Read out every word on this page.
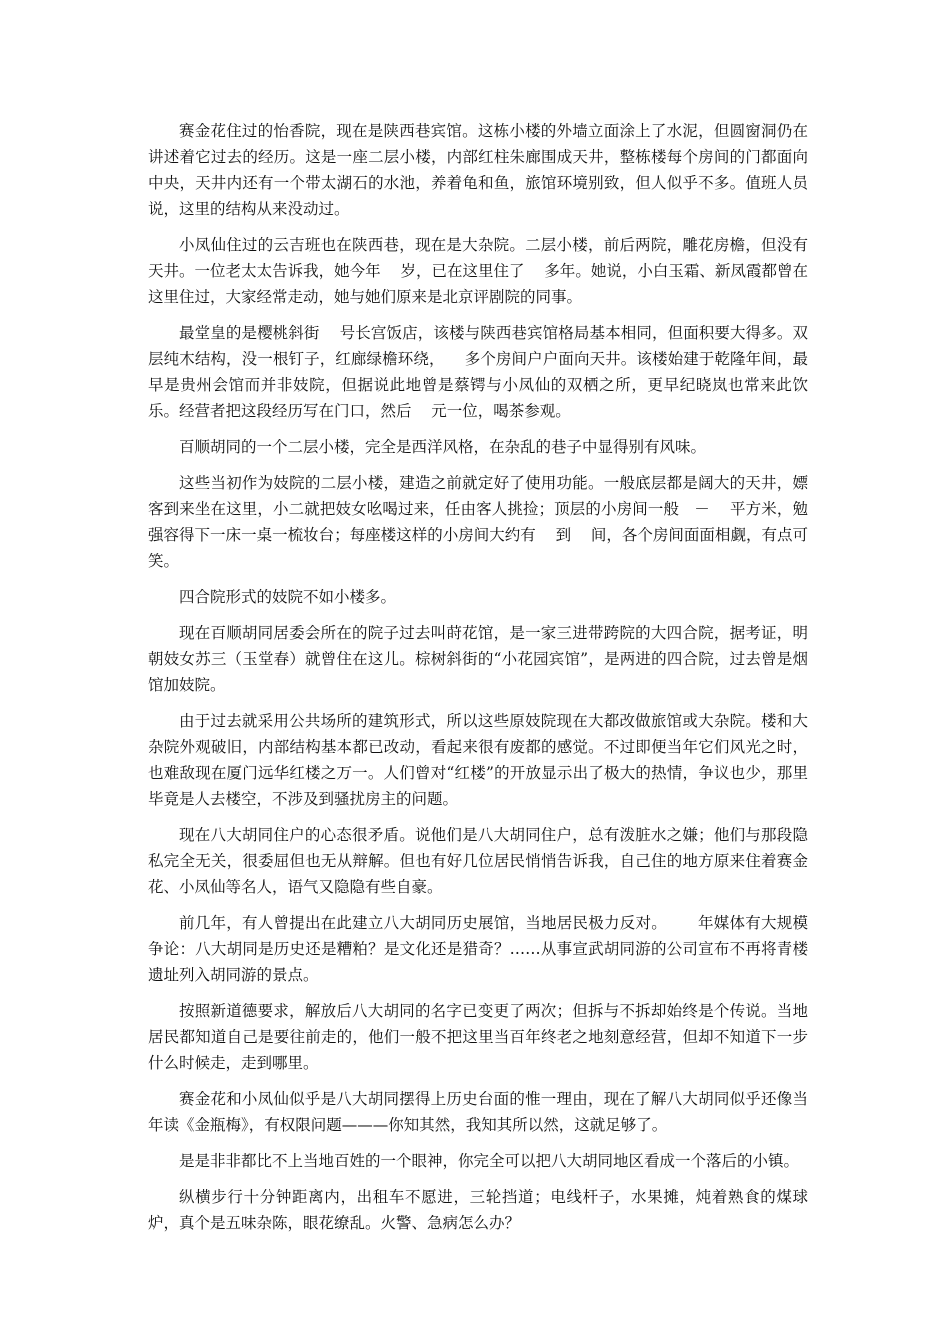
赛金花住过的怡香院，现在是陕西巷宾馆。这栋小楼的外墙立面涂上了水泥，但圆窗洞仍在讲述着它过去的经历。这是一座二层小楼，内部红柱朱廊围成天井，整栋楼每个房间的门都面向中央，天井内还有一个带太湖石的水池，养着龟和鱼，旅馆环境别致，但人似乎不多。值班人员说，这里的结构从来没动过。

小凤仙住过的云吉班也在陕西巷，现在是大杂院。二层小楼，前后两院，雕花房檐，但没有天井。一位老太太告诉我，她今年    岁，已在这里住了    多年。她说，小白玉霜、新凤霞都曾在这里住过，大家经常走动，她与她们原来是北京评剧院的同事。

最堂皇的是樱桃斜街    号长宫饭店，该楼与陕西巷宾馆格局基本相同，但面积要大得多。双层纯木结构，没一根钉子，红廊绿檐环绕，    多个房间户户面向天井。该楼始建于乾隆年间，最早是贵州会馆而并非妓院，但据说此地曾是蔡锷与小凤仙的双栖之所，更早纪晓岚也常来此饮乐。经营者把这段经历写在门口，然后    元一位，喝茶参观。

百顺胡同的一个二层小楼，完全是西洋风格，在杂乱的巷子中显得别有风味。

这些当初作为妓院的二层小楼，建造之前就定好了使用功能。一般底层都是阔大的天井，嫖客到来坐在这里，小二就把妓女吆喝过来，任由客人挑捡；顶层的小房间一般   －    平方米，勉强容得下一床一桌一梳妆台；每座楼这样的小房间大约有    到    间，各个房间面面相觑，有点可笑。

四合院形式的妓院不如小楼多。

现在百顺胡同居委会所在的院子过去叫莳花馆，是一家三进带跨院的大四合院，据考证，明朝妓女苏三（玉堂春）就曾住在这儿。棕树斜街的“小花园宾馆”，是两进的四合院，过去曾是烟馆加妓院。

由于过去就采用公共场所的建筑形式，所以这些原妓院现在大都改做旅馆或大杂院。楼和大杂院外观破旧，内部结构基本都已改动，看起来很有废都的感觉。不过即便当年它们风光之时，也难敌现在厦门远华红楼之万一。人们曾对“红楼”的开放显示出了极大的热情，争议也少，那里毕竟是人去楼空，不涉及到骚扰房主的问题。

现在八大胡同住户的心态很矛盾。说他们是八大胡同住户，总有泼脏水之嫌；他们与那段隐私完全无关，很委屈但也无从辩解。但也有好几位居民悄悄告诉我，自己住的地方原来住着赛金花、小凤仙等名人，语气又隐隐有些自豪。

前几年，有人曾提出在此建立八大胡同历史展馆，当地居民极力反对。      年媒体有大规模争论：八大胡同是历史还是糟粕？是文化还是猎奇？……从事宣武胡同游的公司宣布不再将青楼遗址列入胡同游的景点。

按照新道德要求，解放后八大胡同的名字已变更了两次；但拆与不拆却始终是个传说。当地居民都知道自己是要往前走的，他们一般不把这里当百年终老之地刻意经营，但却不知道下一步什么时候走，走到哪里。

赛金花和小凤仙似乎是八大胡同摆得上历史台面的惟一理由，现在了解八大胡同似乎还像当年读《金瓶梅》，有权限问题———你知其然，我知其所以然，这就足够了。

是是非非都比不上当地百姓的一个眼神，你完全可以把八大胡同地区看成一个落后的小镇。

纵横步行十分钟距离内，出租车不愿进，三轮挡道；电线杆子，水果摊，炖着熟食的煤球炉，真个是五味杂陈，眼花缭乱。火警、急病怎么办？
